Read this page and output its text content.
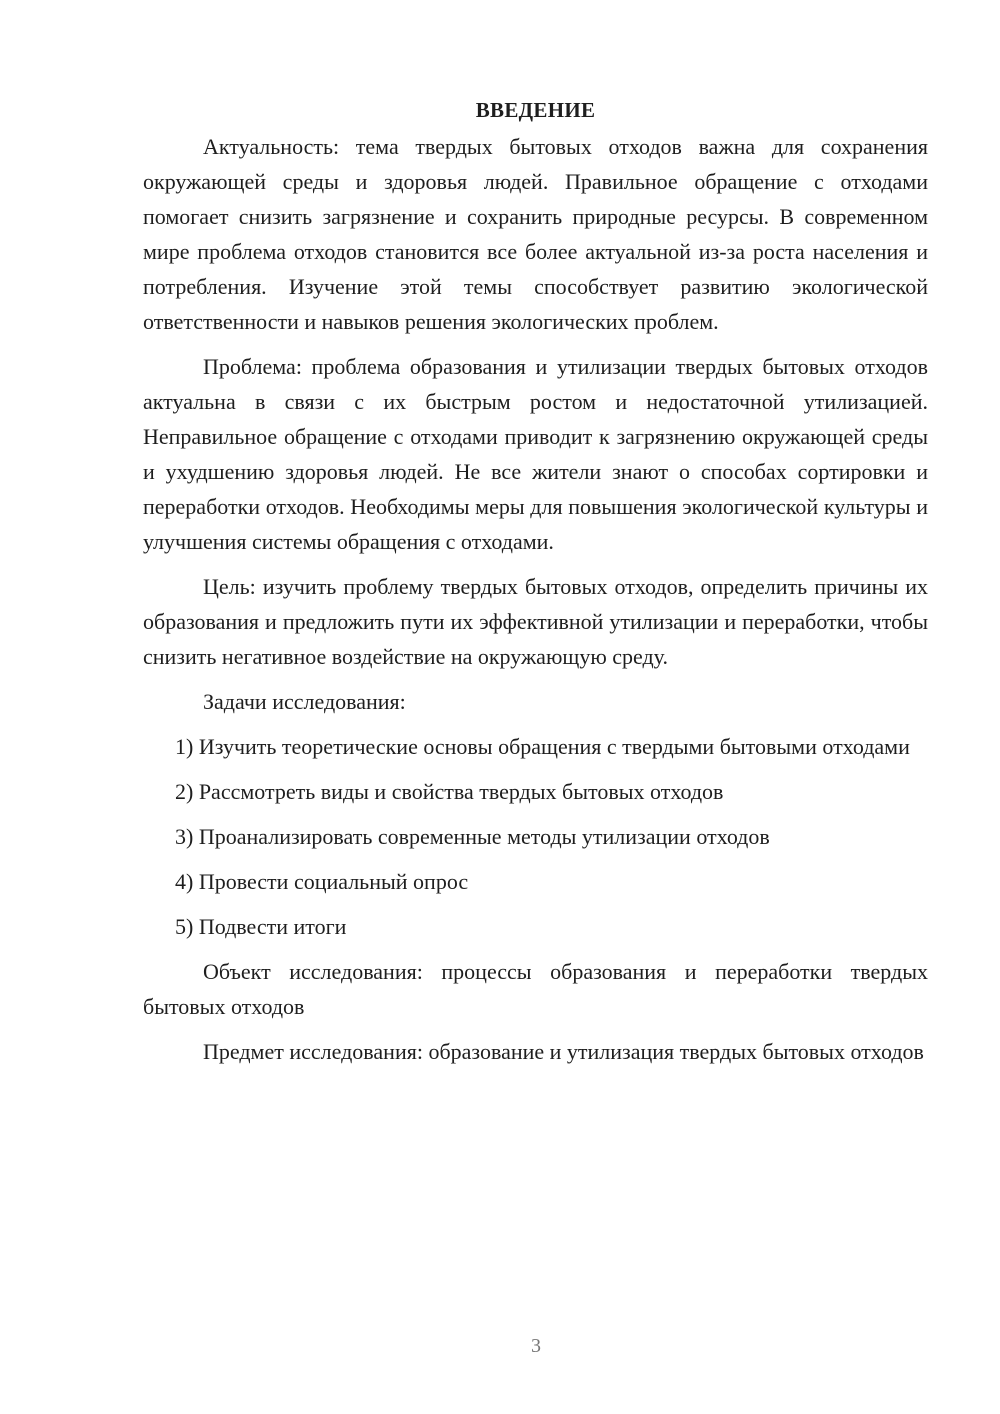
ВВЕДЕНИЕ

Актуальность: тема твердых бытовых отходов важна для сохранения окружающей среды и здоровья людей. Правильное обращение с отходами помогает снизить загрязнение и сохранить природные ресурсы. В современном мире проблема отходов становится все более актуальной из-за роста населения и потребления. Изучение этой темы способствует развитию экологической ответственности и навыков решения экологических проблем.

Проблема: проблема образования и утилизации твердых бытовых отходов актуальна в связи с их быстрым ростом и недостаточной утилизацией. Неправильное обращение с отходами приводит к загрязнению окружающей среды и ухудшению здоровья людей. Не все жители знают о способах сортировки и переработки отходов. Необходимы меры для повышения экологической культуры и улучшения системы обращения с отходами.

Цель: изучить проблему твердых бытовых отходов, определить причины их образования и предложить пути их эффективной утилизации и переработки, чтобы снизить негативное воздействие на окружающую среду.

Задачи исследования:

1) Изучить теоретические основы обращения с твердыми бытовыми отходами

2) Рассмотреть виды и свойства твердых бытовых отходов

3) Проанализировать современные методы утилизации отходов

4) Провести социальный опрос

5) Подвести итоги

Объект исследования: процессы образования и переработки твердых бытовых отходов

Предмет исследования: образование и утилизация твердых бытовых отходов

3
